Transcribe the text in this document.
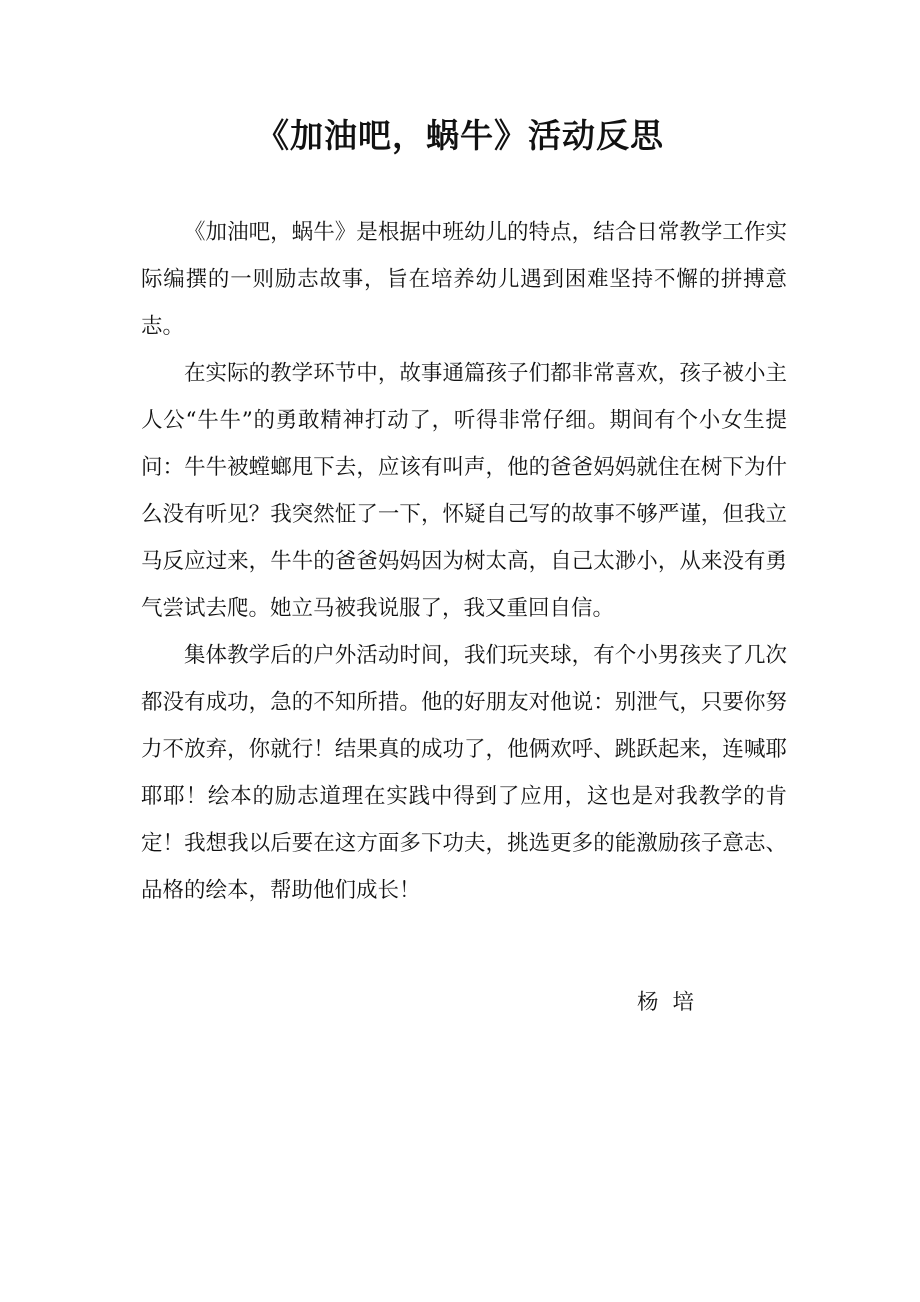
《加油吧，蜗牛》活动反思

《加油吧，蜗牛》是根据中班幼儿的特点，结合日常教学工作实际编撰的一则励志故事，旨在培养幼儿遇到困难坚持不懈的拼搏意志。

在实际的教学环节中，故事通篇孩子们都非常喜欢，孩子被小主人公“牛牛”的勇敢精神打动了，听得非常仔细。期间有个小女生提问：牛牛被螳螂甩下去，应该有叫声，他的爸爸妈妈就住在树下为什么没有听见？我突然怔了一下，怀疑自己写的故事不够严谨，但我立马反应过来，牛牛的爸爸妈妈因为树太高，自己太渺小，从来没有勇气尝试去爬。她立马被我说服了，我又重回自信。

集体教学后的户外活动时间，我们玩夹球，有个小男孩夹了几次都没有成功，急的不知所措。他的好朋友对他说：别泄气，只要你努力不放弃，你就行！结果真的成功了，他俩欢呼、跳跃起来，连喊耶耶耶！绘本的励志道理在实践中得到了应用，这也是对我教学的肯定！我想我以后要在这方面多下功夫，挑选更多的能激励孩子意志、品格的绘本，帮助他们成长！

杨培
